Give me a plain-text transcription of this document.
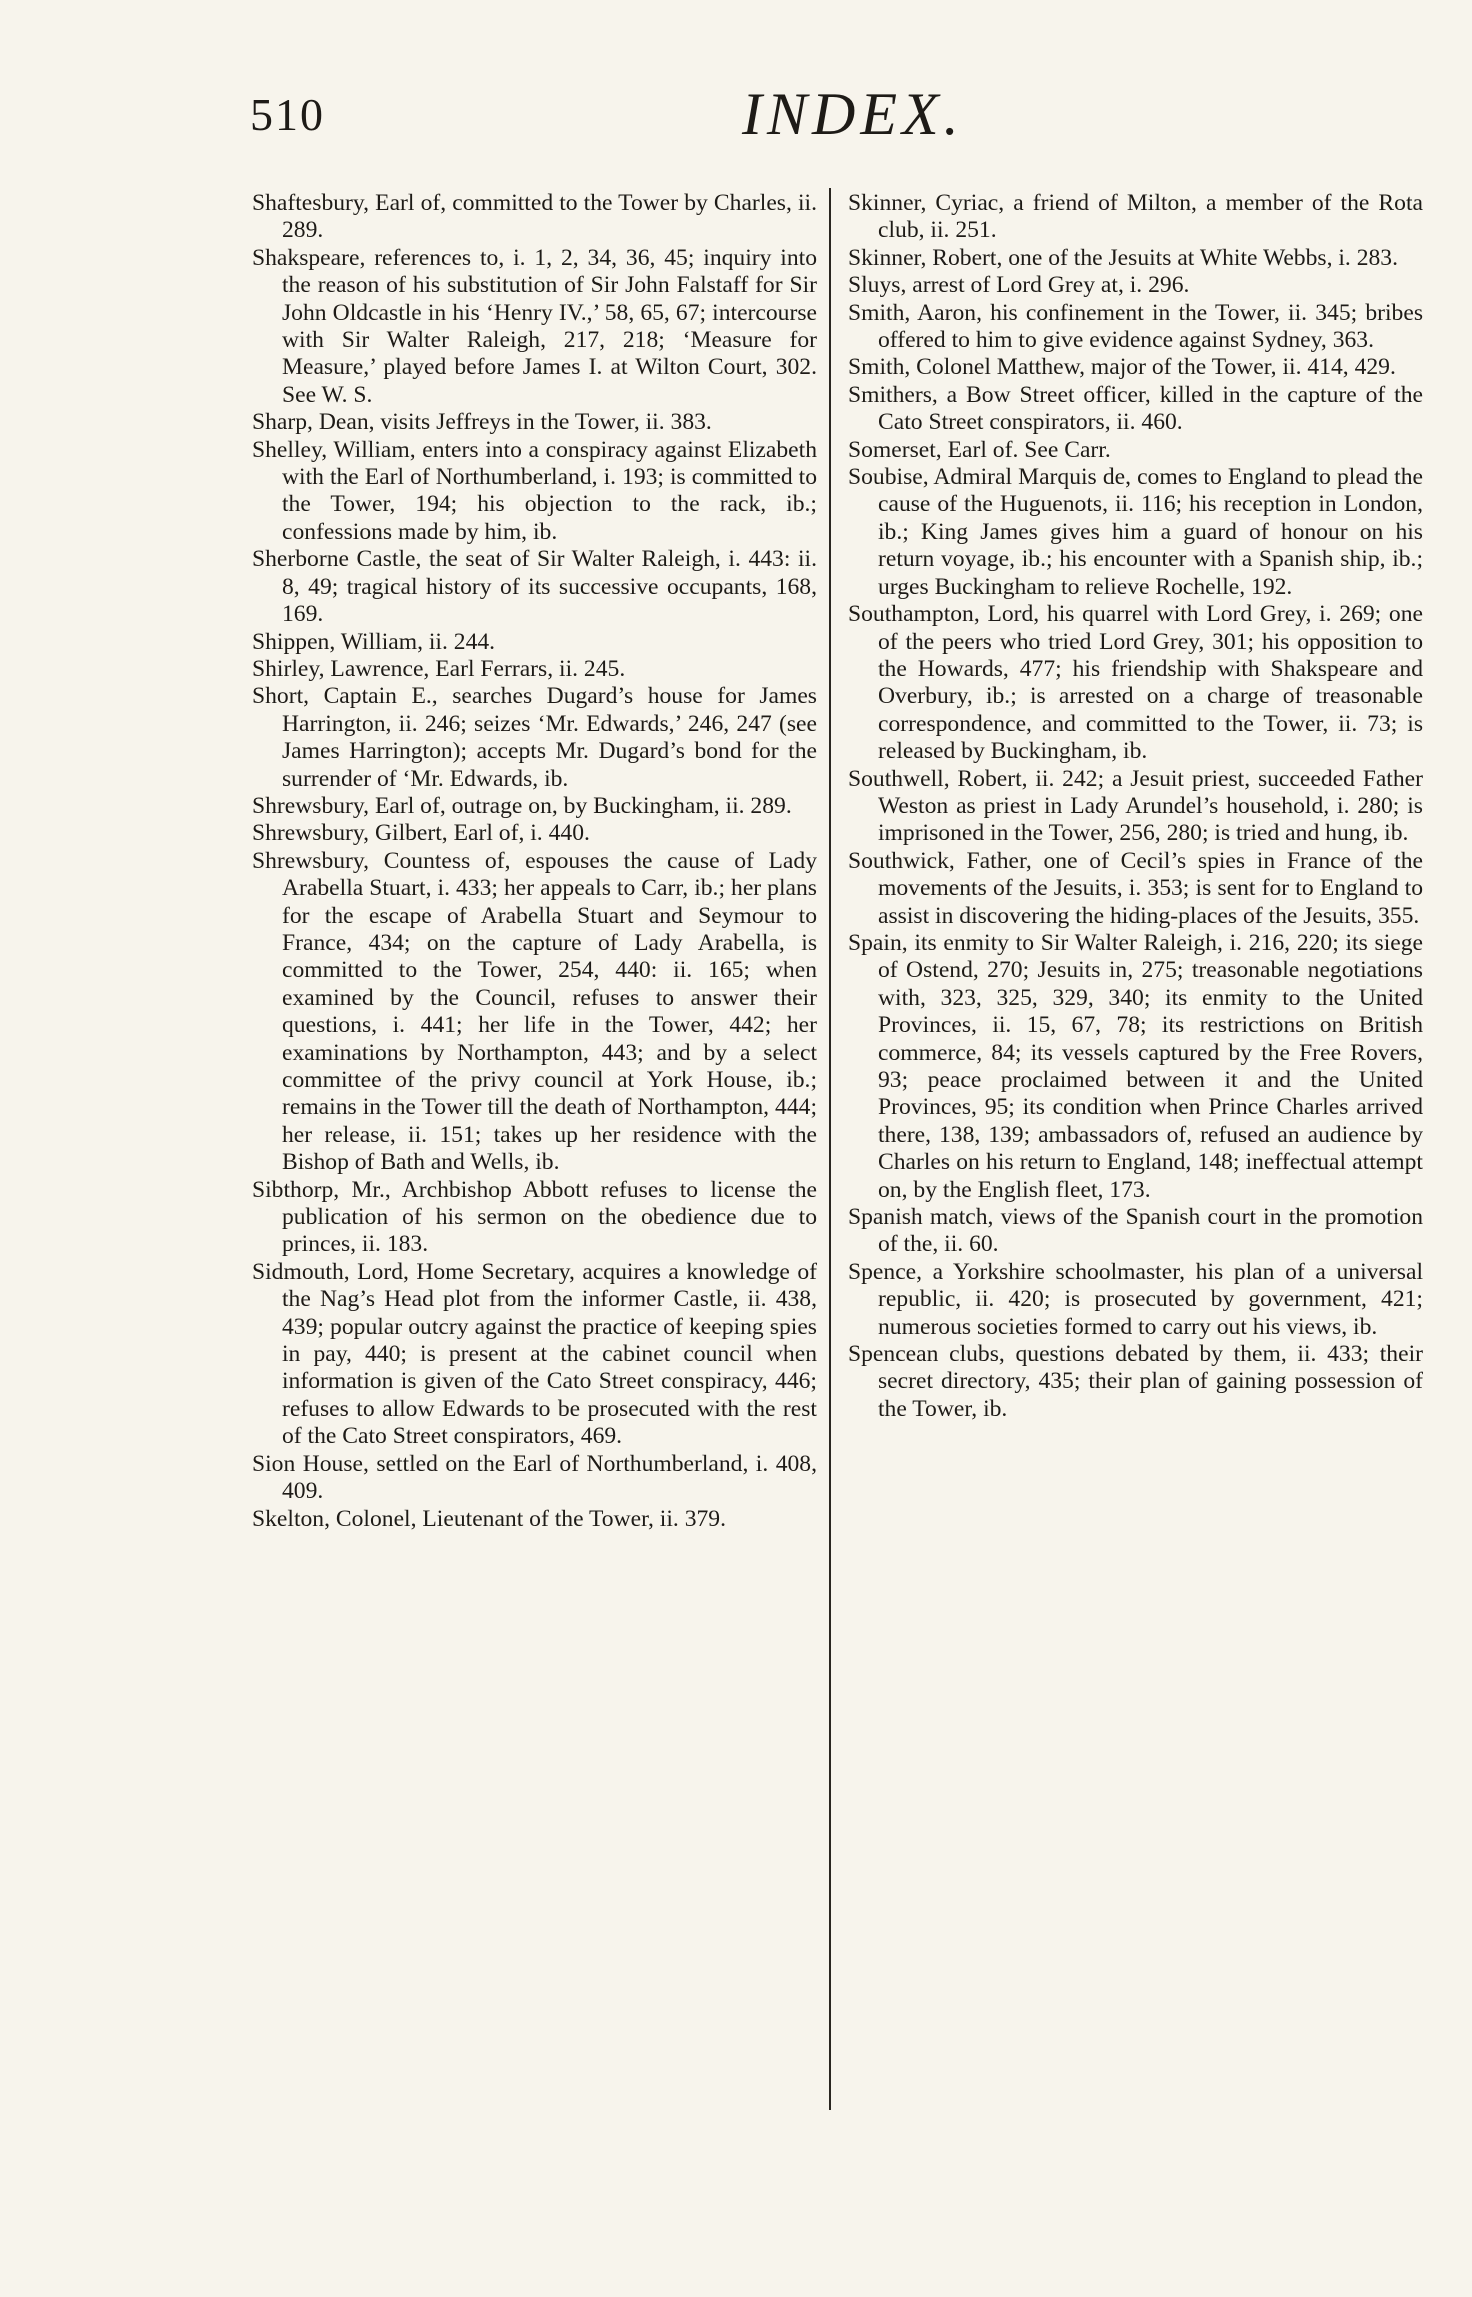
510	INDEX.

Shaftesbury, Earl of, committed to the Tower by Charles, ii. 289.

Shakspeare, references to, i. 1, 2, 34, 36, 45; inquiry into the reason of his substitution of Sir John Falstaff for Sir John Oldcastle in his ‘Henry IV.,’ 58, 65, 67; intercourse with Sir Walter Raleigh, 217, 218; ‘Measure for Measure,’ played before James I. at Wilton Court, 302. See W. S.

Sharp, Dean, visits Jeffreys in the Tower, ii. 383.

Shelley, William, enters into a conspiracy against Elizabeth with the Earl of Northumberland, i. 193; is committed to the Tower, 194; his objection to the rack, ib.; confessions made by him, ib.

Sherborne Castle, the seat of Sir Walter Raleigh, i. 443: ii. 8, 49; tragical history of its successive occupants, 168, 169.

Shippen, William, ii. 244.

Shirley, Lawrence, Earl Ferrars, ii. 245.

Short, Captain E., searches Dugard’s house for James Harrington, ii. 246; seizes ‘Mr. Edwards,’ 246, 247 (see James Harrington); accepts Mr. Dugard’s bond for the surrender of ‘Mr. Edwards, ib.

Shrewsbury, Earl of, outrage on, by Buckingham, ii. 289.

Shrewsbury, Gilbert, Earl of, i. 440.

Shrewsbury, Countess of, espouses the cause of Lady Arabella Stuart, i. 433; her appeals to Carr, ib.; her plans for the escape of Arabella Stuart and Seymour to France, 434; on the capture of Lady Arabella, is committed to the Tower, 254, 440: ii. 165; when examined by the Council, refuses to answer their questions, i. 441; her life in the Tower, 442; her examinations by Northampton, 443; and by a select committee of the privy council at York House, ib.; remains in the Tower till the death of Northampton, 444; her release, ii. 151; takes up her residence with the Bishop of Bath and Wells, ib.

Sibthorp, Mr., Archbishop Abbott refuses to license the publication of his sermon on the obedience due to princes, ii. 183.

Sidmouth, Lord, Home Secretary, acquires a knowledge of the Nag’s Head plot from the informer Castle, ii. 438, 439; popular outcry against the practice of keeping spies in pay, 440; is present at the cabinet council when information is given of the Cato Street conspiracy, 446; refuses to allow Edwards to be prosecuted with the rest of the Cato Street conspirators, 469.

Sion House, settled on the Earl of Northumberland, i. 408, 409.

Skelton, Colonel, Lieutenant of the Tower, ii. 379.

Skinner, Cyriac, a friend of Milton, a member of the Rota club, ii. 251.

Skinner, Robert, one of the Jesuits at White Webbs, i. 283.

Sluys, arrest of Lord Grey at, i. 296.

Smith, Aaron, his confinement in the Tower, ii. 345; bribes offered to him to give evidence against Sydney, 363.

Smith, Colonel Matthew, major of the Tower, ii. 414, 429.

Smithers, a Bow Street officer, killed in the capture of the Cato Street conspirators, ii. 460.

Somerset, Earl of. See Carr.

Soubise, Admiral Marquis de, comes to England to plead the cause of the Huguenots, ii. 116; his reception in London, ib.; King James gives him a guard of honour on his return voyage, ib.; his encounter with a Spanish ship, ib.; urges Buckingham to relieve Rochelle, 192.

Southampton, Lord, his quarrel with Lord Grey, i. 269; one of the peers who tried Lord Grey, 301; his opposition to the Howards, 477; his friendship with Shakspeare and Overbury, ib.; is arrested on a charge of treasonable correspondence, and committed to the Tower, ii. 73; is released by Buckingham, ib.

Southwell, Robert, ii. 242; a Jesuit priest, succeeded Father Weston as priest in Lady Arundel’s household, i. 280; is imprisoned in the Tower, 256, 280; is tried and hung, ib.

Southwick, Father, one of Cecil’s spies in France of the movements of the Jesuits, i. 353; is sent for to England to assist in discovering the hiding-places of the Jesuits, 355.

Spain, its enmity to Sir Walter Raleigh, i. 216, 220; its siege of Ostend, 270; Jesuits in, 275; treasonable negotiations with, 323, 325, 329, 340; its enmity to the United Provinces, ii. 15, 67, 78; its restrictions on British commerce, 84; its vessels captured by the Free Rovers, 93; peace proclaimed between it and the United Provinces, 95; its condition when Prince Charles arrived there, 138, 139; ambassadors of, refused an audience by Charles on his return to England, 148; ineffectual attempt on, by the English fleet, 173.

Spanish match, views of the Spanish court in the promotion of the, ii. 60.

Spence, a Yorkshire schoolmaster, his plan of a universal republic, ii. 420; is prosecuted by government, 421; numerous societies formed to carry out his views, ib.

Spencean clubs, questions debated by them, ii. 433; their secret directory, 435; their plan of gaining possession of the Tower, ib.
